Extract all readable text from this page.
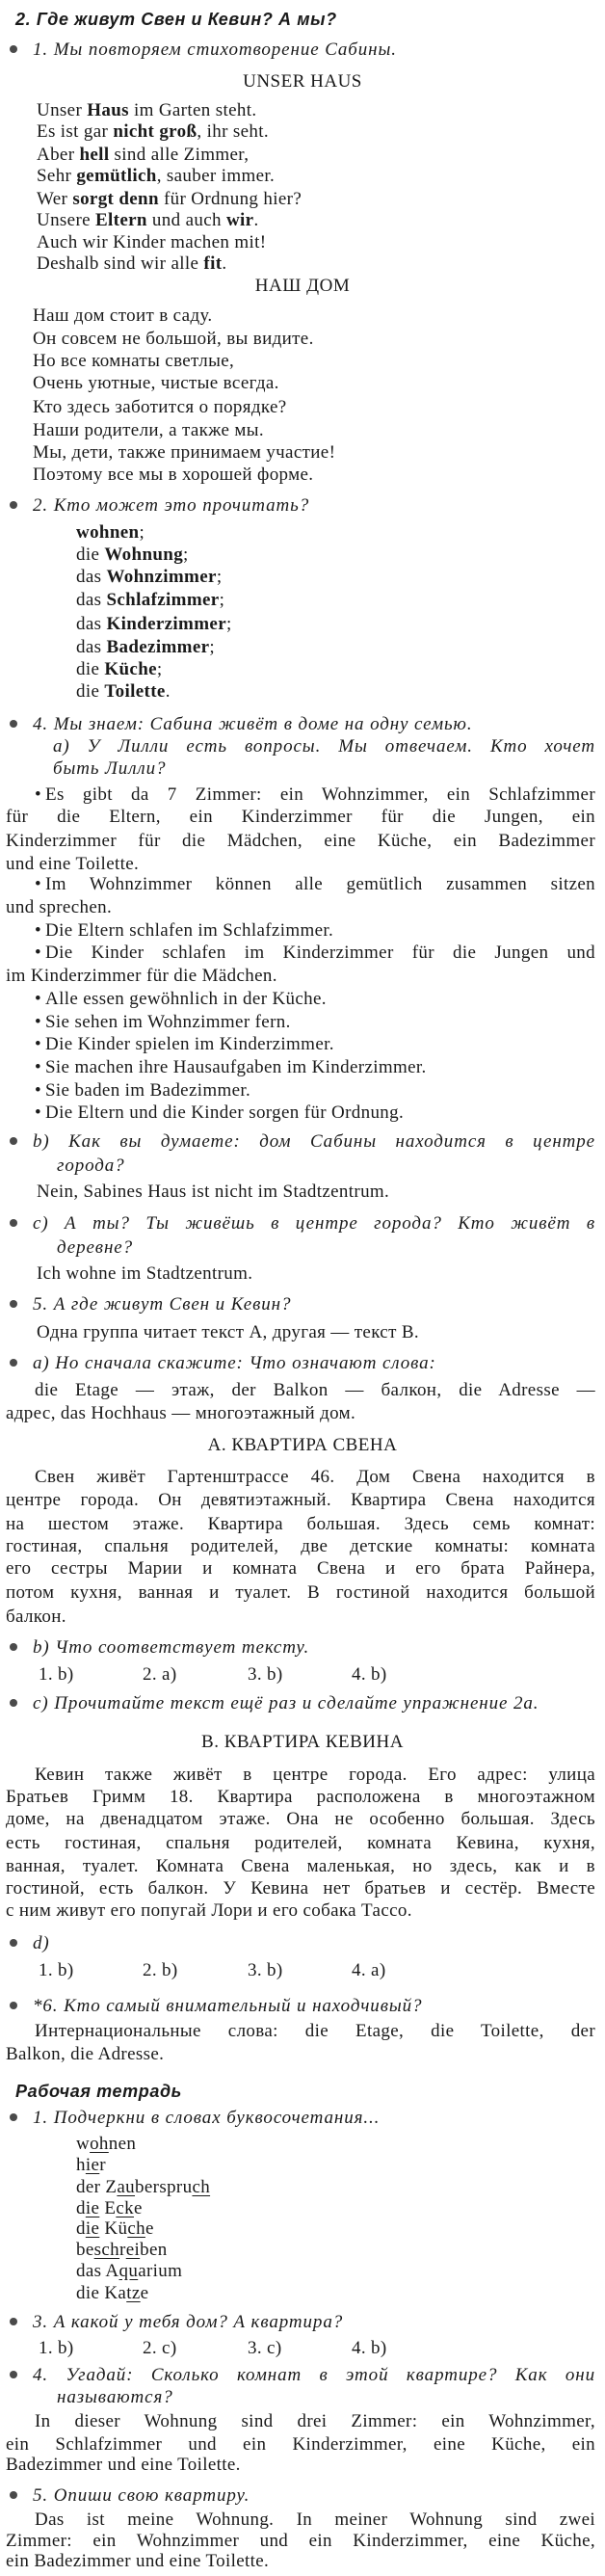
2. Где живут Свен и Кевин? А мы?
1. Мы повторяем стихотворение Сабины.
UNSER HAUS
Unser Haus im Garten steht.
Es ist gar nicht groß, ihr seht.
Aber hell sind alle Zimmer,
Sehr gemütlich, sauber immer.
Wer sorgt denn für Ordnung hier?
Unsere Eltern und auch wir.
Auch wir Kinder machen mit!
Deshalb sind wir alle fit.
НАШ ДОМ
Наш дом стоит в саду.
Он совсем не большой, вы видите.
Но все комнаты светлые,
Очень уютные, чистые всегда.
Кто здесь заботится о порядке?
Наши родители, а также мы.
Мы, дети, также принимаем участие!
Поэтому все мы в хорошей форме.
2. Кто может это прочитать?
wohnen;
die Wohnung;
das Wohnzimmer;
das Schlafzimmer;
das Kinderzimmer;
das Badezimmer;
die Küche;
die Toilette.
4. Мы знаем: Сабина живёт в доме на одну семью.
а) У Лилли есть вопросы. Мы отвечаем. Кто хочет
быть Лилли?
• Es gibt da 7 Zimmer: ein Wohnzimmer, ein Schlafzimmer
für die Eltern, ein Kinderzimmer für die Jungen, ein
Kinderzimmer für die Mädchen, eine Küche, ein Badezimmer
und eine Toilette.
• Im Wohnzimmer können alle gemütlich zusammen sitzen
und sprechen.
• Die Eltern schlafen im Schlafzimmer.
• Die Kinder schlafen im Kinderzimmer für die Jungen und
im Kinderzimmer für die Mädchen.
• Alle essen gewöhnlich in der Küche.
• Sie sehen im Wohnzimmer fern.
• Die Kinder spielen im Kinderzimmer.
• Sie machen ihre Hausaufgaben im Kinderzimmer.
• Sie baden im Badezimmer.
• Die Eltern und die Kinder sorgen für Ordnung.
b) Как вы думаете: дом Сабины находится в центре
города?
Nein, Sabines Haus ist nicht im Stadtzentrum.
с) А ты? Ты живёшь в центре города? Кто живёт в
деревне?
Ich wohne im Stadtzentrum.
5. А где живут Свен и Кевин?
Одна группа читает текст А, другая — текст В.
а) Но сначала скажите: Что означают слова:
die Etage — этаж, der Balkon — балкон, die Adresse —
адрес, das Hochhaus — многоэтажный дом.
А. КВАРТИРА СВЕНА
Свен живёт Гартенштрассе 46. Дом Свена находится в
центре города. Он девятиэтажный. Квартира Свена находится
на шестом этаже. Квартира большая. Здесь семь комнат:
гостиная, спальня родителей, две детские комнаты: комната
его сестры Марии и комната Свена и его брата Райнера,
потом кухня, ванная и туалет. В гостиной находится большой
балкон.
b) Что соответствует тексту.
1. b)	2. a)	3. b)	4. b)
с) Прочитайте текст ещё раз и сделайте упражнение 2а.
B. КВАРТИРА КЕВИНА
Кевин также живёт в центре города. Его адрес: улица
Братьев Гримм 18. Квартира расположена в многоэтажном
доме, на двенадцатом этаже. Она не особенно большая. Здесь
есть гостиная, спальня родителей, комната Кевина, кухня,
ванная, туалет. Комната Свена маленькая, но здесь, как и в
гостиной, есть балкон. У Кевина нет братьев и сестёр. Вместе
с ним живут его попугай Лори и его собака Тассо.
d)
1. b)	2. b)	3. b)	4. a)
*6. Кто самый внимательный и находчивый?
Интернациональные слова: die Etage, die Toilette, der
Balkon, die Adresse.
Рабочая тетрадь
1. Подчеркни в словах буквосочетания...
wohnen
hier
der Zauberspruch
die Ecke
die Küche
beschreiben
das Aquarium
die Katze
3. А какой у тебя дом? А квартира?
1. b)	2. c)	3. c)	4. b)
4. Угадай: Сколько комнат в этой квартире? Как они
называются?
In dieser Wohnung sind drei Zimmer: ein Wohnzimmer,
ein Schlafzimmer und ein Kinderzimmer, eine Küche, ein
Badezimmer und eine Toilette.
5. Опиши свою квартиру.
Das ist meine Wohnung. In meiner Wohnung sind zwei
Zimmer: ein Wohnzimmer und ein Kinderzimmer, eine Küche,
ein Badezimmer und eine Toilette.
